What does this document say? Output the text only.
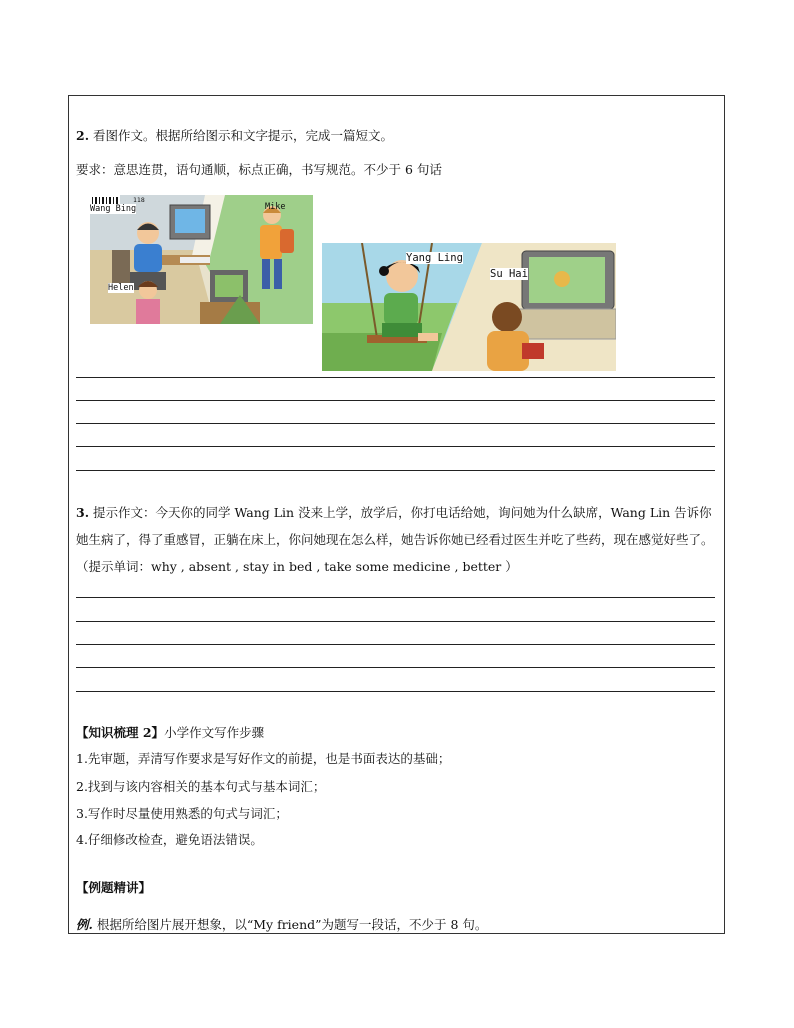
2. 看图作文。根据所给图示和文字提示，完成一篇短文。
要求：意思连贯，语句通顺，标点正确，书写规范。不少于 6 句话
Wang Bing
118
Mike
Helen
Yang Ling
Su Hai
3. 提示作文：今天你的同学 Wang Lin 没来上学，放学后，你打电话给她，询问她为什么缺席，Wang Lin 告诉你她生病了，得了重感冒，正躺在床上，你问她现在怎么样，她告诉你她已经看过医生并吃了些药，现在感觉好些了。（提示单词：why , absent , stay in bed , take some medicine , better ）
【知识梳理 2】小学作文写作步骤
1.先审题，弄清写作要求是写好作文的前提，也是书面表达的基础；
2.找到与该内容相关的基本句式与基本词汇；
3.写作时尽量使用熟悉的句式与词汇；
4.仔细修改检查，避免语法错误。
【例题精讲】
例. 根据所给图片展开想象，以“My friend”为题写一段话，不少于 8 句。
